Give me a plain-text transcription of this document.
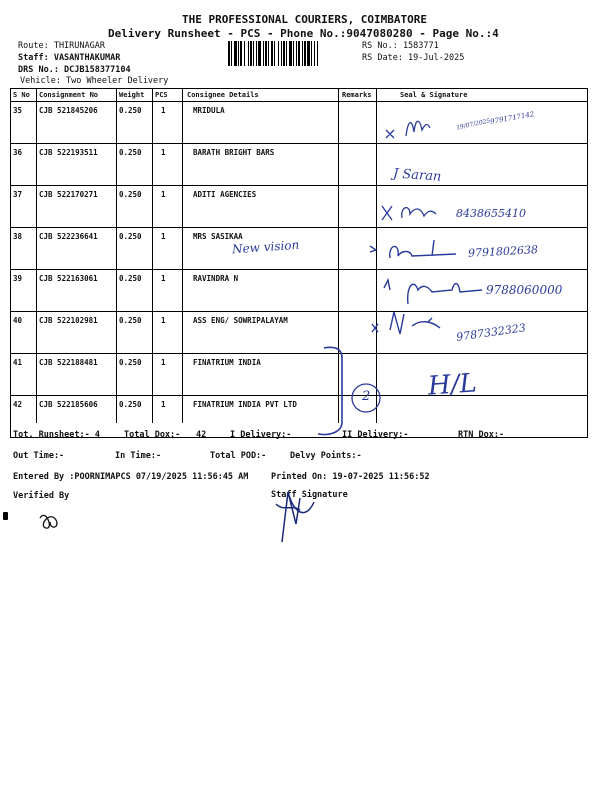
THE PROFESSIONAL COURIERS, COIMBATORE
Delivery Runsheet - PCS - Phone No.:9047080280 - Page No.:4
Route: THIRUNAGAR
Staff: VASANTHAKUMAR
DRS No.: DCJB158377104
Vehicle: Two Wheeler Delivery
RS No.: 1583771
RS Date: 19-Jul-2025
S No Consignment No	Weight PCS	Consignee Details	Remarks	Seal & Signature
35 CJB 521845206	0.250	1	MRIDULA
36 CJB 522193511	0.250	1	BARATH BRIGHT BARS
37 CJB 522170271	0.250	1	ADITI AGENCIES
38 CJB 522236641	0.250	1	MRS SASIKAA
39 CJB 522163061	0.250	1	RAVINDRA N
40 CJB 522102981	0.250	1	ASS ENG/ SOWRIPALAYAM
41 CJB 522188481	0.250	1	FINATRIUM INDIA
42 CJB 522185606	0.250	1	FINATRIUM INDIA PVT LTD
9791717142
19/07/2025
J Saran
8438655410
New vision	9791802638
9788060000
9787332323
2 H/L
Tot. Runsheet:- 4	Total Dox:- 42	I Delivery:-	II Delivery:-	RTN Dox:-
Out Time:-	In Time:-	Total POD:-	Delvy Points:-
Entered By :POORNIMAPCS 07/19/2025 11:56:45 AM	Printed On: 19-07-2025 11:56:52
Verified By	Staff Signature
